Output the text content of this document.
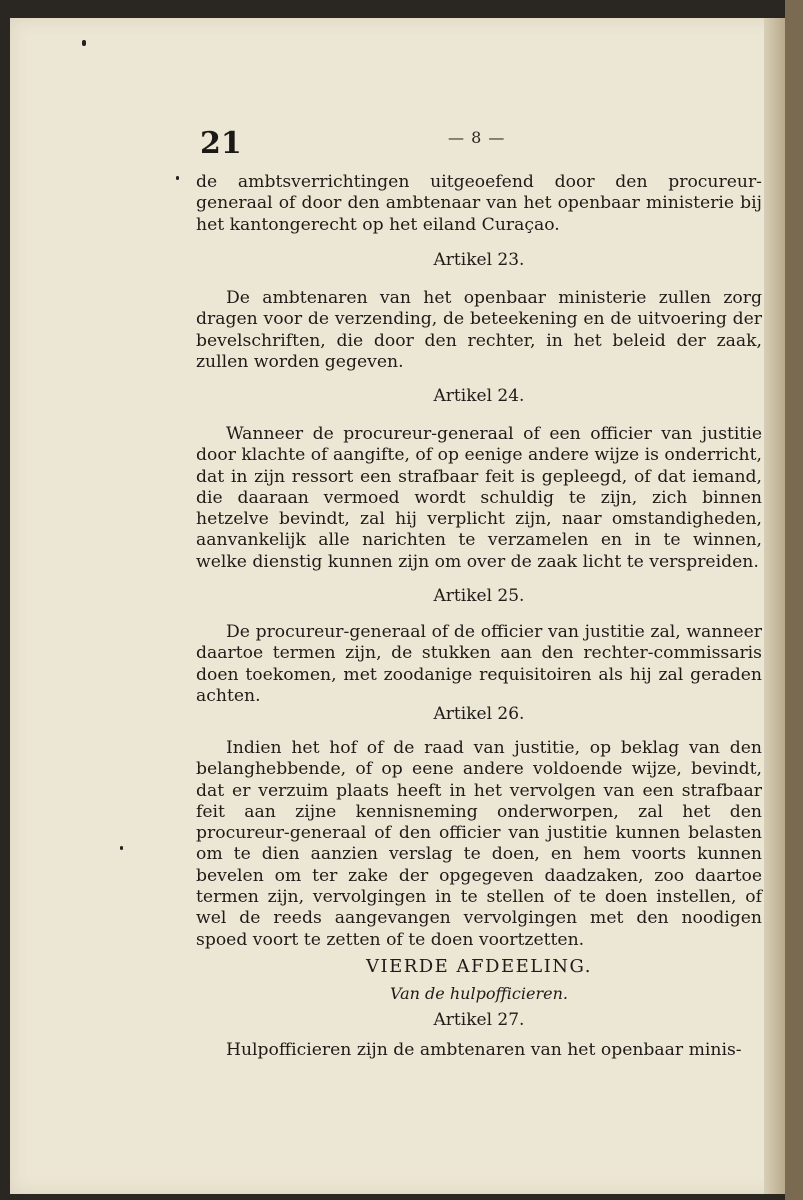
21	— 8 —

de ambtsverrichtingen uitgeoefend door den procureur-generaal of door den ambtenaar van het openbaar ministerie bij het kantongerecht op het eiland Curaçao.

Artikel 23.

De ambtenaren van het openbaar ministerie zullen zorg dragen voor de verzending, de beteekening en de uitvoering der bevelschriften, die door den rechter, in het beleid der zaak, zullen worden gegeven.

Artikel 24.

Wanneer de procureur-generaal of een officier van justitie door klachte of aangifte, of op eenige andere wijze is onderricht, dat in zijn ressort een strafbaar feit is gepleegd, of dat iemand, die daaraan vermoed wordt schuldig te zijn, zich binnen hetzelve bevindt, zal hij verplicht zijn, naar omstandigheden, aanvankelijk alle narichten te verzamelen en in te winnen, welke dienstig kunnen zijn om over de zaak licht te verspreiden.

Artikel 25.

De procureur-generaal of de officier van justitie zal, wanneer daartoe termen zijn, de stukken aan den rechter-commissaris doen toekomen, met zoodanige requisitoiren als hij zal geraden achten.

Artikel 26.

Indien het hof of de raad van justitie, op beklag van den belanghebbende, of op eene andere voldoende wijze, bevindt, dat er verzuim plaats heeft in het vervolgen van een strafbaar feit aan zijne kennisneming onderworpen, zal het den procureur-generaal of den officier van justitie kunnen belasten om te dien aanzien verslag te doen, en hem voorts kunnen bevelen om ter zake der opgegeven daadzaken, zoo daartoe termen zijn, vervolgingen in te stellen of te doen instellen, of wel de reeds aangevangen vervolgingen met den noodigen spoed voort te zetten of te doen voortzetten.

VIERDE AFDEELING.
Van de hulpofficieren.
Artikel 27.

Hulpofficieren zijn de ambtenaren van het openbaar minis-
